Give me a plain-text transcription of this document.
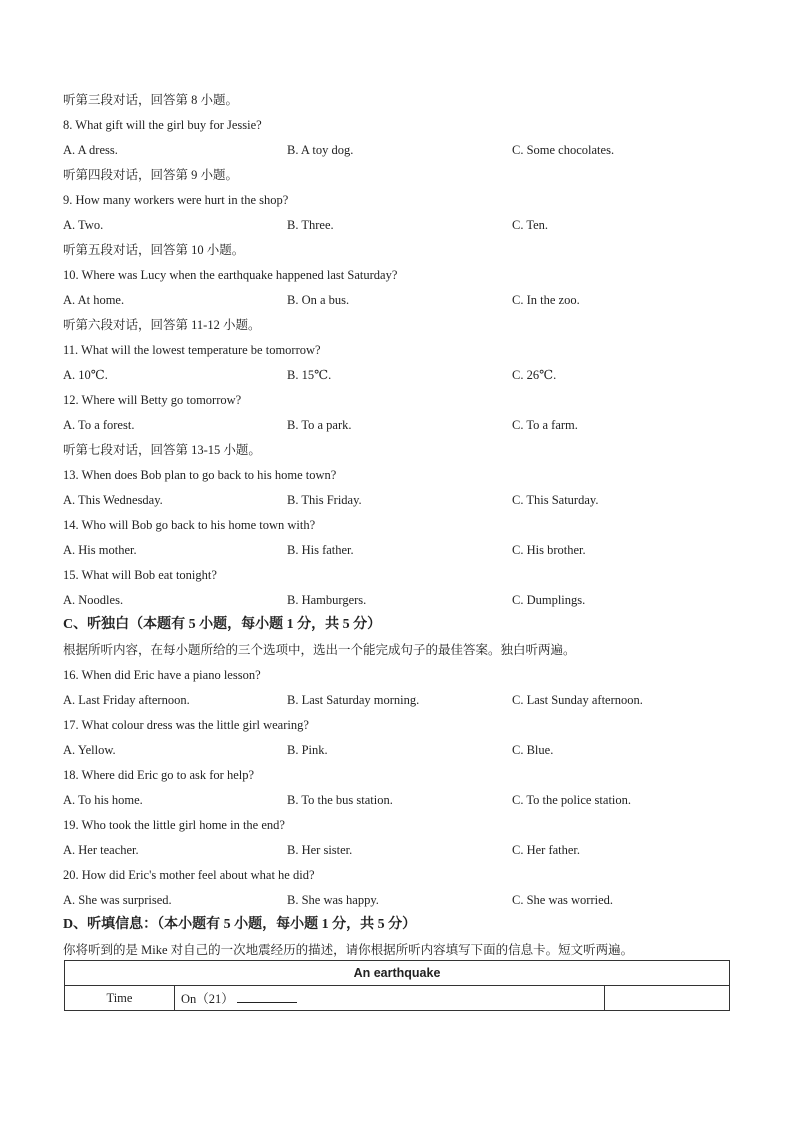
听第三段对话，回答第 8 小题。
8. What gift will the girl buy for Jessie?
A. A dress.	B. A toy dog.	C. Some chocolates.
听第四段对话，回答第 9 小题。
9. How many workers were hurt in the shop?
A. Two.	B. Three.	C. Ten.
听第五段对话，回答第 10 小题。
10. Where was Lucy when the earthquake happened last Saturday?
A. At home.	B. On a bus.	C. In the zoo.
听第六段对话，回答第 11-12 小题。
11. What will the lowest temperature be tomorrow?
A. 10℃.	B. 15℃.	C. 26℃.
12. Where will Betty go tomorrow?
A. To a forest.	B. To a park.	C. To a farm.
听第七段对话，回答第 13-15 小题。
13. When does Bob plan to go back to his home town?
A. This Wednesday.	B. This Friday.	C. This Saturday.
14. Who will Bob go back to his home town with?
A. His mother.	B. His father.	C. His brother.
15. What will Bob eat tonight?
A. Noodles.	B. Hamburgers.	C. Dumplings.
C、听独白（本题有 5 小题，每小题 1 分，共 5 分）
根据所听内容，在每小题所给的三个选项中，选出一个能完成句子的最佳答案。独白听两遍。
16. When did Eric have a piano lesson?
A. Last Friday afternoon.	B. Last Saturday morning.	C. Last Sunday afternoon.
17. What colour dress was the little girl wearing?
A. Yellow.	B. Pink.	C. Blue.
18. Where did Eric go to ask for help?
A. To his home.	B. To the bus station.	C. To the police station.
19. Who took the little girl home in the end?
A. Her teacher.	B. Her sister.	C. Her father.
20. How did Eric's mother feel about what he did?
A. She was surprised.	B. She was happy.	C. She was worried.
D、听填信息：（本小题有 5 小题，每小题 1 分，共 5 分）
你将听到的是 Mike 对自己的一次地震经历的描述，请你根据所听内容填写下面的信息卡。短文听两遍。
An earthquake
Time	On（21）	
